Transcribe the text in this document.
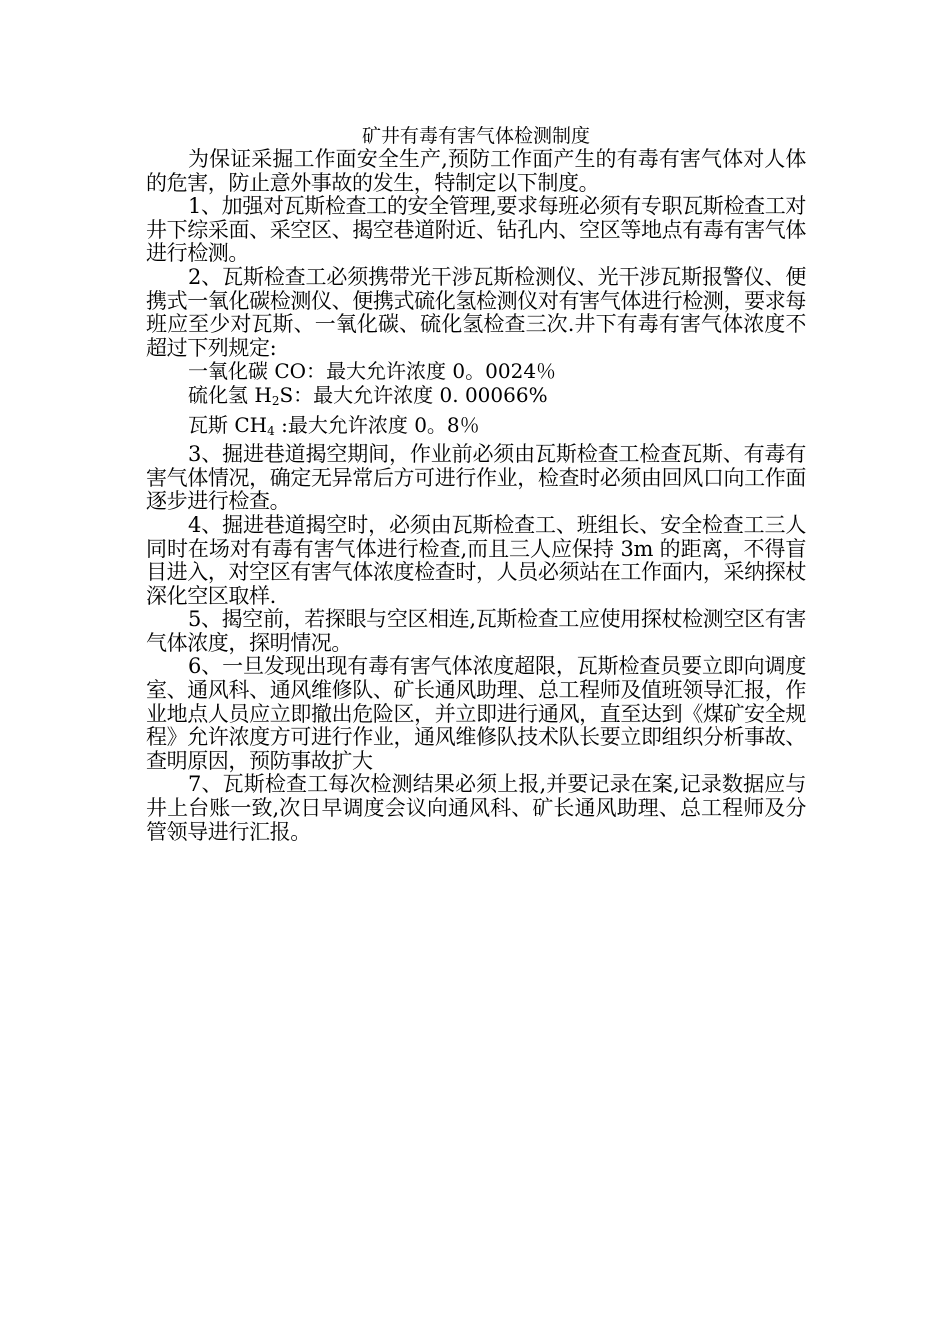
矿井有毒有害气体检测制度

为保证采掘工作面安全生产,预防工作面产生的有毒有害气体对人体的危害，防止意外事故的发生，特制定以下制度。

1、加强对瓦斯检查工的安全管理,要求每班必须有专职瓦斯检查工对井下综采面、采空区、揭空巷道附近、钻孔内、空区等地点有毒有害气体进行检测。

2、瓦斯检查工必须携带光干涉瓦斯检测仪、光干涉瓦斯报警仪、便携式一氧化碳检测仪、便携式硫化氢检测仪对有害气体进行检测，要求每班应至少对瓦斯、一氧化碳、硫化氢检查三次.井下有毒有害气体浓度不超过下列规定:

一氧化碳 CO：最大允许浓度 0。0024％

硫化氢 $H_2S$：最大允许浓度 0. 00066%

瓦斯 $CH_4$ :最大允许浓度 0。8％

3、掘进巷道揭空期间，作业前必须由瓦斯检查工检查瓦斯、有毒有害气体情况，确定无异常后方可进行作业，检查时必须由回风口向工作面逐步进行检查。

4、掘进巷道揭空时，必须由瓦斯检查工、班组长、安全检查工三人同时在场对有毒有害气体进行检查,而且三人应保持 3m 的距离，不得盲目进入，对空区有害气体浓度检查时，人员必须站在工作面内，采纳探杖深化空区取样.

5、揭空前，若探眼与空区相连,瓦斯检查工应使用探杖检测空区有害气体浓度，探明情况。

6、一旦发现出现有毒有害气体浓度超限，瓦斯检查员要立即向调度室、通风科、通风维修队、矿长通风助理、总工程师及值班领导汇报，作业地点人员应立即撤出危险区，并立即进行通风，直至达到《煤矿安全规程》允许浓度方可进行作业，通风维修队技术队长要立即组织分析事故、查明原因，预防事故扩大

7、瓦斯检查工每次检测结果必须上报,并要记录在案,记录数据应与井上台账一致,次日早调度会议向通风科、矿长通风助理、总工程师及分管领导进行汇报。
